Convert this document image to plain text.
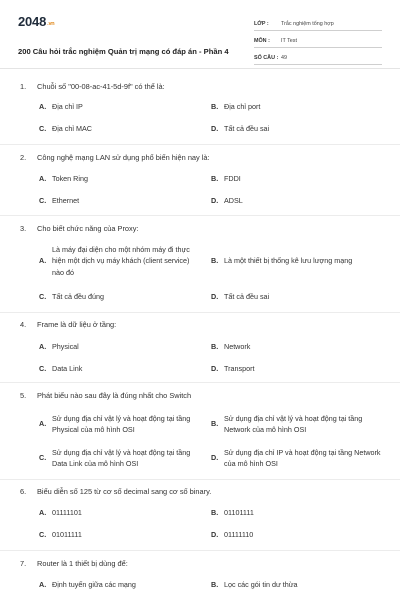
2048.vn
200 Câu hỏi trắc nghiệm Quản trị mạng có đáp án - Phần 4
LỚP :	Trắc nghiệm tổng hợp
MÔN :	IT Test
SỐ CÂU : 49
1.	Chuỗi số "00-08-ac-41-5d-9f" có thể là:
A. Địa chỉ IP	B. Địa chỉ port
C. Địa chỉ MAC	D. Tất cả đều sai
2.	Công nghệ mạng LAN sử dụng phổ biến hiện nay là:
A. Token Ring	B. FDDI
C. Ethernet	D. ADSL
3.	Cho biết chức năng của Proxy:
A.
Là máy đại diện cho một nhóm máy đi thực hiện một dịch vụ máy khách (client service) nào đó
B. Là một thiết bị thống kê lưu lượng mạng
C. Tất cả đều đúng	D. Tất cả đều sai
4.	Frame là dữ liệu ở tầng:
A. Physical	B. Network
C. Data Link	D. Transport
5.	Phát biểu nào sau đây là đúng nhất cho Switch
A.
Sử dụng địa chỉ vật lý và hoạt động tại tầng Physical của mô hình OSI
B.
Sử dụng địa chỉ vật lý và hoạt động tại tầng Network của mô hình OSI
C.
Sử dụng địa chỉ vật lý và hoạt động tại tầng Data Link của mô hình OSI
D.
Sử dụng địa chỉ IP và hoạt động tại tầng Network của mô hình OSI
6.	Biểu diễn số 125 từ cơ số decimal sang cơ số binary.
A. 01111101	B. 01101111
C. 01011111	D. 01111110
7.	Router là 1 thiết bị dùng để:
A. Định tuyến giữa các mạng	B. Lọc các gói tin dư thừa
